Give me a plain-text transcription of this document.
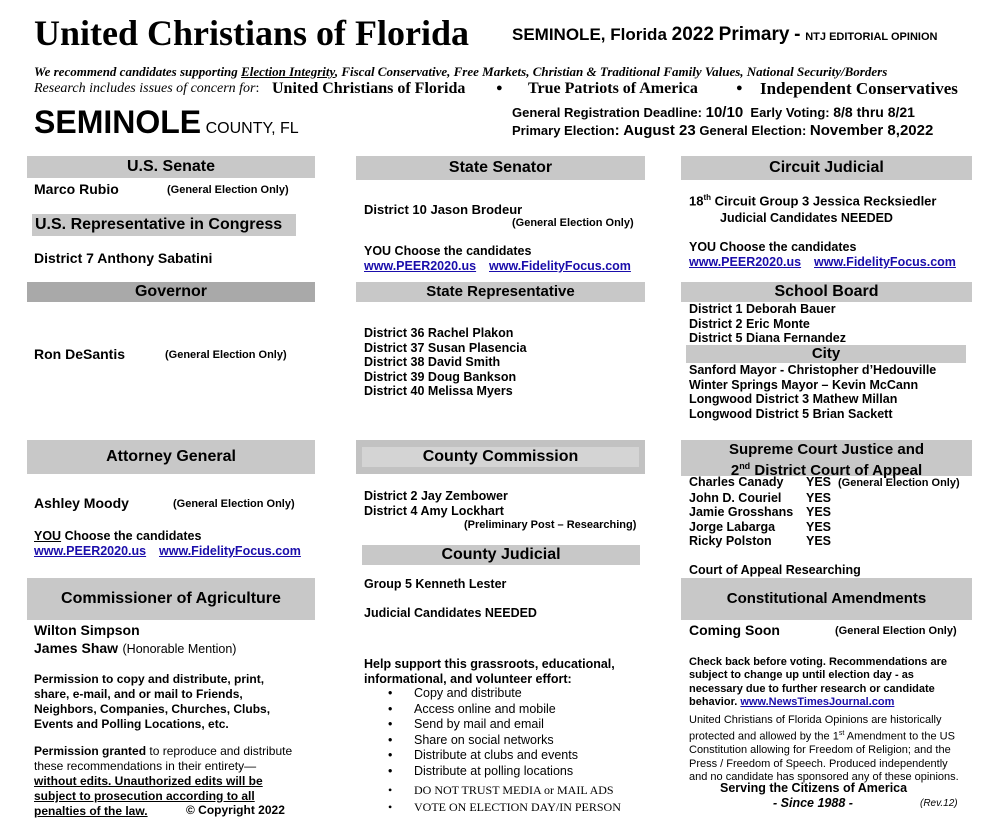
United Christians of Florida	SEMINOLE, Florida 2022 Primary - NTJ EDITORIAL OPINION
We recommend candidates supporting Election Integrity, Fiscal Conservative, Free Markets, Christian & Traditional Family Values, National Security/Borders
Research includes issues of concern for: United Christians of Florida	● True Patriots of America	● Independent Conservatives
SEMINOLE COUNTY, FL
General Registration Deadline: 10/10 Early Voting: 8/8 thru 8/21
Primary Election: August 23 General Election: November 8,2022
U.S. Senate
Marco Rubio	(General Election Only)
U.S. Representative in Congress
District 7 Anthony Sabatini
Governor
Ron DeSantis	(General Election Only)
Attorney General
Ashley Moody	(General Election Only)
YOU Choose the candidates
www.PEER2020.us www.FidelityFocus.com
Commissioner of Agriculture
Wilton Simpson
James Shaw (Honorable Mention)
Permission to copy and distribute, print, share, e-mail, and or mail to Friends, Neighbors, Companies, Churches, Clubs, Events and Polling Locations, etc.
Permission granted to reproduce and distribute these recommendations in their entirety—without edits. Unauthorized edits will be subject to prosecution according to all penalties of the law.	© Copyright 2022
State Senator
District 10 Jason Brodeur
(General Election Only)
YOU Choose the candidates
www.PEER2020.us www.FidelityFocus.com
State Representative
District 36 Rachel Plakon
District 37 Susan Plasencia
District 38 David Smith
District 39 Doug Bankson
District 40 Melissa Myers
County Commission
District 2 Jay Zembower
District 4 Amy Lockhart
(Preliminary Post – Researching)
County Judicial
Group 5 Kenneth Lester
Judicial Candidates NEEDED
Help support this grassroots, educational, informational, and volunteer effort:
• Copy and distribute
• Access online and mobile
• Send by mail and email
• Share on social networks
• Distribute at clubs and events
• Distribute at polling locations
• DO NOT TRUST MEDIA or MAIL ADS
• VOTE ON ELECTION DAY/IN PERSON
Circuit Judicial
18th Circuit Group 3 Jessica Recksiedler
Judicial Candidates NEEDED
YOU Choose the candidates
www.PEER2020.us www.FidelityFocus.com
School Board
District 1 Deborah Bauer
District 2 Eric Monte
District 5 Diana Fernandez
City
Sanford Mayor - Christopher d’Hedouville
Winter Springs Mayor – Kevin McCann
Longwood District 3 Mathew Millan
Longwood District 5 Brian Sackett
Supreme Court Justice and
2nd District Court of Appeal
Charles Canady YES (General Election Only)
John D. Couriel YES
Jamie Grosshans YES
Jorge Labarga YES
Ricky Polston	YES
Court of Appeal Researching
Constitutional Amendments
Coming Soon	(General Election Only)
Check back before voting. Recommendations are subject to change up until election day - as necessary due to further research or candidate behavior. www.NewsTimesJournal.com
United Christians of Florida Opinions are historically protected and allowed by the 1st Amendment to the US Constitution allowing for Freedom of Religion; and the Press / Freedom of Speech. Produced independently and no candidate has sponsored any of these opinions.
Serving the Citizens of America
- Since 1988 -	(Rev.12)
